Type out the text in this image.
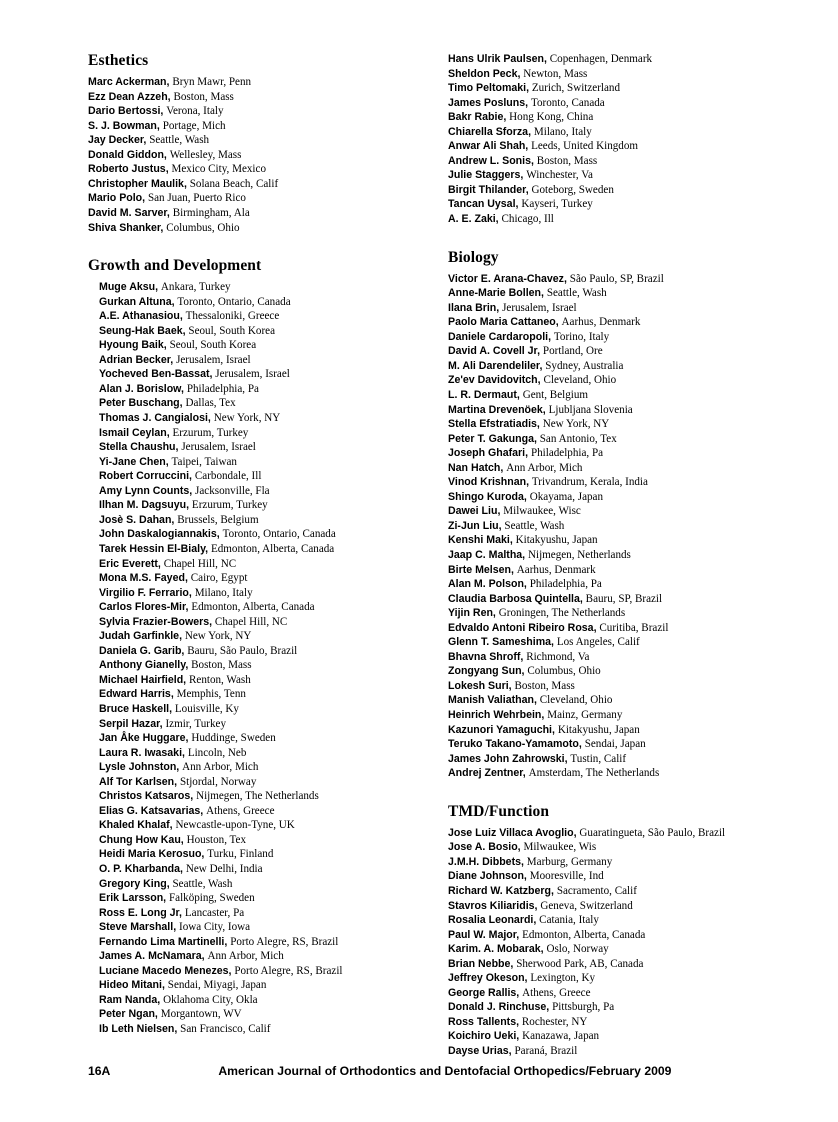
Esthetics
Marc Ackerman, Bryn Mawr, Penn
Ezz Dean Azzeh, Boston, Mass
Dario Bertossi, Verona, Italy
S. J. Bowman, Portage, Mich
Jay Decker, Seattle, Wash
Donald Giddon, Wellesley, Mass
Roberto Justus, Mexico City, Mexico
Christopher Maulik, Solana Beach, Calif
Mario Polo, San Juan, Puerto Rico
David M. Sarver, Birmingham, Ala
Shiva Shanker, Columbus, Ohio
Growth and Development
Muge Aksu, Ankara, Turkey
Gurkan Altuna, Toronto, Ontario, Canada
A.E. Athanasiou, Thessaloniki, Greece
Seung-Hak Baek, Seoul, South Korea
Hyoung Baik, Seoul, South Korea
Adrian Becker, Jerusalem, Israel
Yocheved Ben-Bassat, Jerusalem, Israel
Alan J. Borislow, Philadelphia, Pa
Peter Buschang, Dallas, Tex
Thomas J. Cangialosi, New York, NY
Ismail Ceylan, Erzurum, Turkey
Stella Chaushu, Jerusalem, Israel
Yi-Jane Chen, Taipei, Taiwan
Robert Corruccini, Carbondale, Ill
Amy Lynn Counts, Jacksonville, Fla
Ilhan M. Dagsuyu, Erzurum, Turkey
Josè S. Dahan, Brussels, Belgium
John Daskalogiannakis, Toronto, Ontario, Canada
Tarek Hessin El-Bialy, Edmonton, Alberta, Canada
Eric Everett, Chapel Hill, NC
Mona M.S. Fayed, Cairo, Egypt
Virgilio F. Ferrario, Milano, Italy
Carlos Flores-Mir, Edmonton, Alberta, Canada
Sylvia Frazier-Bowers, Chapel Hill, NC
Judah Garfinkle, New York, NY
Daniela G. Garib, Bauru, São Paulo, Brazil
Anthony Gianelly, Boston, Mass
Michael Hairfield, Renton, Wash
Edward Harris, Memphis, Tenn
Bruce Haskell, Louisville, Ky
Serpil Hazar, Izmir, Turkey
Jan Åke Huggare, Huddinge, Sweden
Laura R. Iwasaki, Lincoln, Neb
Lysle Johnston, Ann Arbor, Mich
Alf Tor Karlsen, Stjordal, Norway
Christos Katsaros, Nijmegen, The Netherlands
Elias G. Katsavarias, Athens, Greece
Khaled Khalaf, Newcastle-upon-Tyne, UK
Chung How Kau, Houston, Tex
Heidi Maria Kerosuo, Turku, Finland
O. P. Kharbanda, New Delhi, India
Gregory King, Seattle, Wash
Erik Larsson, Falköping, Sweden
Ross E. Long Jr, Lancaster, Pa
Steve Marshall, Iowa City, Iowa
Fernando Lima Martinelli, Porto Alegre, RS, Brazil
James A. McNamara, Ann Arbor, Mich
Luciane Macedo Menezes, Porto Alegre, RS, Brazil
Hideo Mitani, Sendai, Miyagi, Japan
Ram Nanda, Oklahoma City, Okla
Peter Ngan, Morgantown, WV
Ib Leth Nielsen, San Francisco, Calif
Hans Ulrik Paulsen, Copenhagen, Denmark
Sheldon Peck, Newton, Mass
Timo Peltomaki, Zurich, Switzerland
James Posluns, Toronto, Canada
Bakr Rabie, Hong Kong, China
Chiarella Sforza, Milano, Italy
Anwar Ali Shah, Leeds, United Kingdom
Andrew L. Sonis, Boston, Mass
Julie Staggers, Winchester, Va
Birgit Thilander, Goteborg, Sweden
Tancan Uysal, Kayseri, Turkey
A. E. Zaki, Chicago, Ill
Biology
Victor E. Arana-Chavez, São Paulo, SP, Brazil
Anne-Marie Bollen, Seattle, Wash
Ilana Brin, Jerusalem, Israel
Paolo Maria Cattaneo, Aarhus, Denmark
Daniele Cardaropoli, Torino, Italy
David A. Covell Jr, Portland, Ore
M. Ali Darendeliler, Sydney, Australia
Ze'ev Davidovitch, Cleveland, Ohio
L. R. Dermaut, Gent, Belgium
Martina Drevenöek, Ljubljana Slovenia
Stella Efstratiadis, New York, NY
Peter T. Gakunga, San Antonio, Tex
Joseph Ghafari, Philadelphia, Pa
Nan Hatch, Ann Arbor, Mich
Vinod Krishnan, Trivandrum, Kerala, India
Shingo Kuroda, Okayama, Japan
Dawei Liu, Milwaukee, Wisc
Zi-Jun Liu, Seattle, Wash
Kenshi Maki, Kitakyushu, Japan
Jaap C. Maltha, Nijmegen, Netherlands
Birte Melsen, Aarhus, Denmark
Alan M. Polson, Philadelphia, Pa
Claudia Barbosa Quintella, Bauru, SP, Brazil
Yijin Ren, Groningen, The Netherlands
Edvaldo Antoni Ribeiro Rosa, Curitiba, Brazil
Glenn T. Sameshima, Los Angeles, Calif
Bhavna Shroff, Richmond, Va
Zongyang Sun, Columbus, Ohio
Lokesh Suri, Boston, Mass
Manish Valiathan, Cleveland, Ohio
Heinrich Wehrbein, Mainz, Germany
Kazunori Yamaguchi, Kitakyushu, Japan
Teruko Takano-Yamamoto, Sendai, Japan
James John Zahrowski, Tustin, Calif
Andrej Zentner, Amsterdam, The Netherlands
TMD/Function
Jose Luiz Villaca Avoglio, Guaratingueta, São Paulo, Brazil
Jose A. Bosio, Milwaukee, Wis
J.M.H. Dibbets, Marburg, Germany
Diane Johnson, Mooresville, Ind
Richard W. Katzberg, Sacramento, Calif
Stavros Kiliaridis, Geneva, Switzerland
Rosalia Leonardi, Catania, Italy
Paul W. Major, Edmonton, Alberta, Canada
Karim. A. Mobarak, Oslo, Norway
Brian Nebbe, Sherwood Park, AB, Canada
Jeffrey Okeson, Lexington, Ky
George Rallis, Athens, Greece
Donald J. Rinchuse, Pittsburgh, Pa
Ross Tallents, Rochester, NY
Koichiro Ueki, Kanazawa, Japan
Dayse Urias, Paraná, Brazil
16A	American Journal of Orthodontics and Dentofacial Orthopedics/February 2009
